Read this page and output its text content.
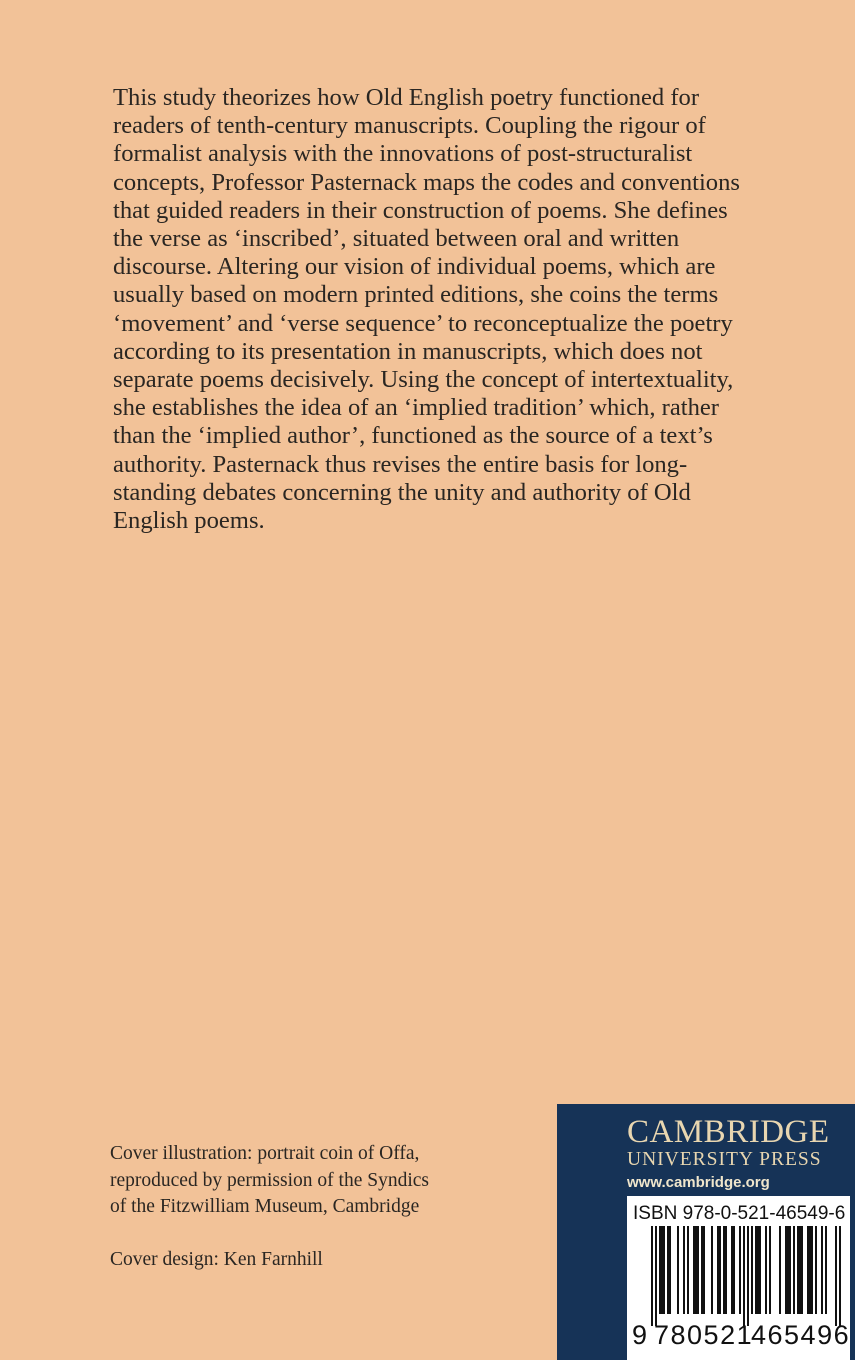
This study theorizes how Old English poetry functioned for
readers of tenth-century manuscripts. Coupling the rigour of
formalist analysis with the innovations of post-structuralist
concepts, Professor Pasternack maps the codes and conventions
that guided readers in their construction of poems. She defines
the verse as ‘inscribed’, situated between oral and written
discourse. Altering our vision of individual poems, which are
usually based on modern printed editions, she coins the terms
‘movement’ and ‘verse sequence’ to reconceptualize the poetry
according to its presentation in manuscripts, which does not
separate poems decisively. Using the concept of intertextuality,
she establishes the idea of an ‘implied tradition’ which, rather
than the ‘implied author’, functioned as the source of a text’s
authority. Pasternack thus revises the entire basis for long-
standing debates concerning the unity and authority of Old
English poems.
Cover illustration: portrait coin of Offa,
reproduced by permission of the Syndics
of the Fitzwilliam Museum, Cambridge
Cover design: Ken Farnhill
CAMBRIDGE
UNIVERSITY PRESS
www.cambridge.org
ISBN 978-0-521-46549-6
9 780521
465496
